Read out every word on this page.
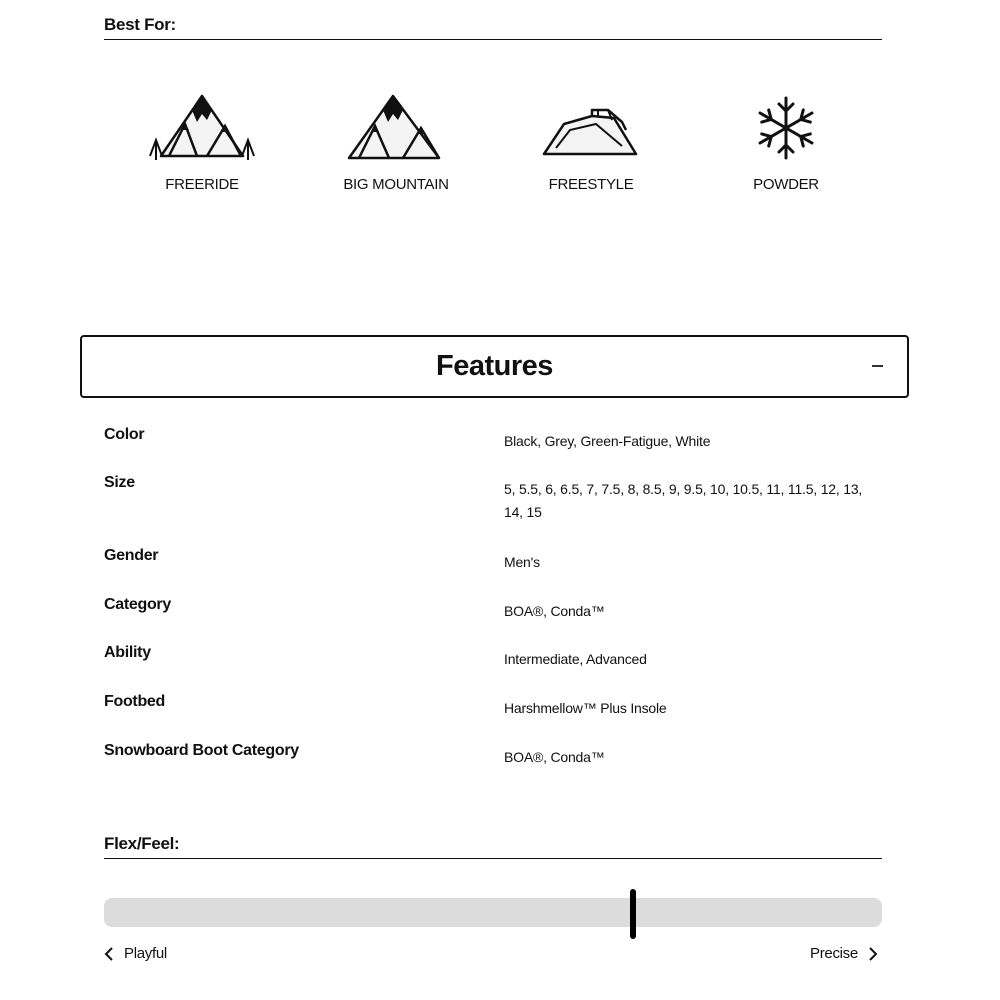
Best For:
FREERIDE	BIG MOUNTAIN	FREESTYLE	POWDER
Features
Color	Black, Grey, Green-Fatigue, White
Size	5, 5.5, 6, 6.5, 7, 7.5, 8, 8.5, 9, 9.5, 10, 10.5, 11, 11.5, 12, 13, 14, 15
Gender	Men's
Category	BOA®, Conda™
Ability	Intermediate, Advanced
Footbed	Harshmellow™ Plus Insole
Snowboard Boot Category	BOA®, Conda™
Flex/Feel:
Playful	Precise
